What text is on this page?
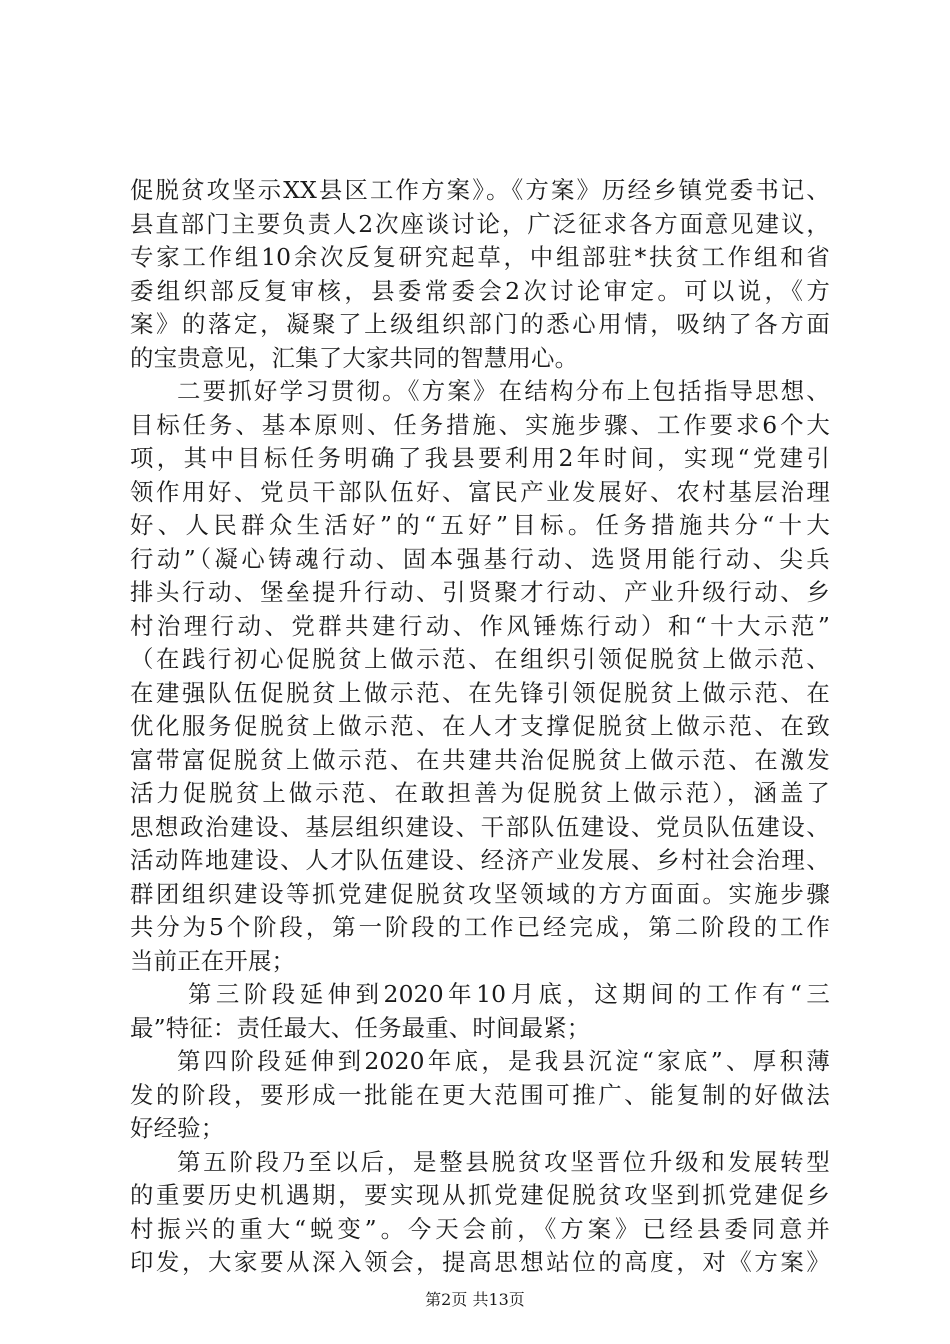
促脱贫攻坚示XX县区工作方案》。《方案》历经乡镇党委书记、
县直部门主要负责人2次座谈讨论，广泛征求各方面意见建议，
专家工作组10余次反复研究起草，中组部驻*扶贫工作组和省
委组织部反复审核，县委常委会2次讨论审定。可以说，《方
案》的落定，凝聚了上级组织部门的悉心用情，吸纳了各方面
的宝贵意见，汇集了大家共同的智慧用心。
二要抓好学习贯彻。《方案》在结构分布上包括指导思想、
目标任务、基本原则、任务措施、实施步骤、工作要求6个大
项，其中目标任务明确了我县要利用2年时间，实现“党建引
领作用好、党员干部队伍好、富民产业发展好、农村基层治理
好、人民群众生活好”的“五好”目标。任务措施共分“十大
行动”（凝心铸魂行动、固本强基行动、选贤用能行动、尖兵
排头行动、堡垒提升行动、引贤聚才行动、产业升级行动、乡
村治理行动、党群共建行动、作风锤炼行动）和“十大示范”
（在践行初心促脱贫上做示范、在组织引领促脱贫上做示范、
在建强队伍促脱贫上做示范、在先锋引领促脱贫上做示范、在
优化服务促脱贫上做示范、在人才支撑促脱贫上做示范、在致
富带富促脱贫上做示范、在共建共治促脱贫上做示范、在激发
活力促脱贫上做示范、在敢担善为促脱贫上做示范），涵盖了
思想政治建设、基层组织建设、干部队伍建设、党员队伍建设、
活动阵地建设、人才队伍建设、经济产业发展、乡村社会治理、
群团组织建设等抓党建促脱贫攻坚领域的方方面面。实施步骤
共分为5个阶段，第一阶段的工作已经完成，第二阶段的工作
当前正在开展；
第三阶段延伸到2020年10月底，这期间的工作有“三
最”特征：责任最大、任务最重、时间最紧；
第四阶段延伸到2020年底，是我县沉淀“家底”、厚积薄
发的阶段，要形成一批能在更大范围可推广、能复制的好做法
好经验；
第五阶段乃至以后，是整县脱贫攻坚晋位升级和发展转型
的重要历史机遇期，要实现从抓党建促脱贫攻坚到抓党建促乡
村振兴的重大“蜕变”。今天会前，《方案》已经县委同意并
印发，大家要从深入领会，提高思想站位的高度，对《方案》
第2页 共13页
